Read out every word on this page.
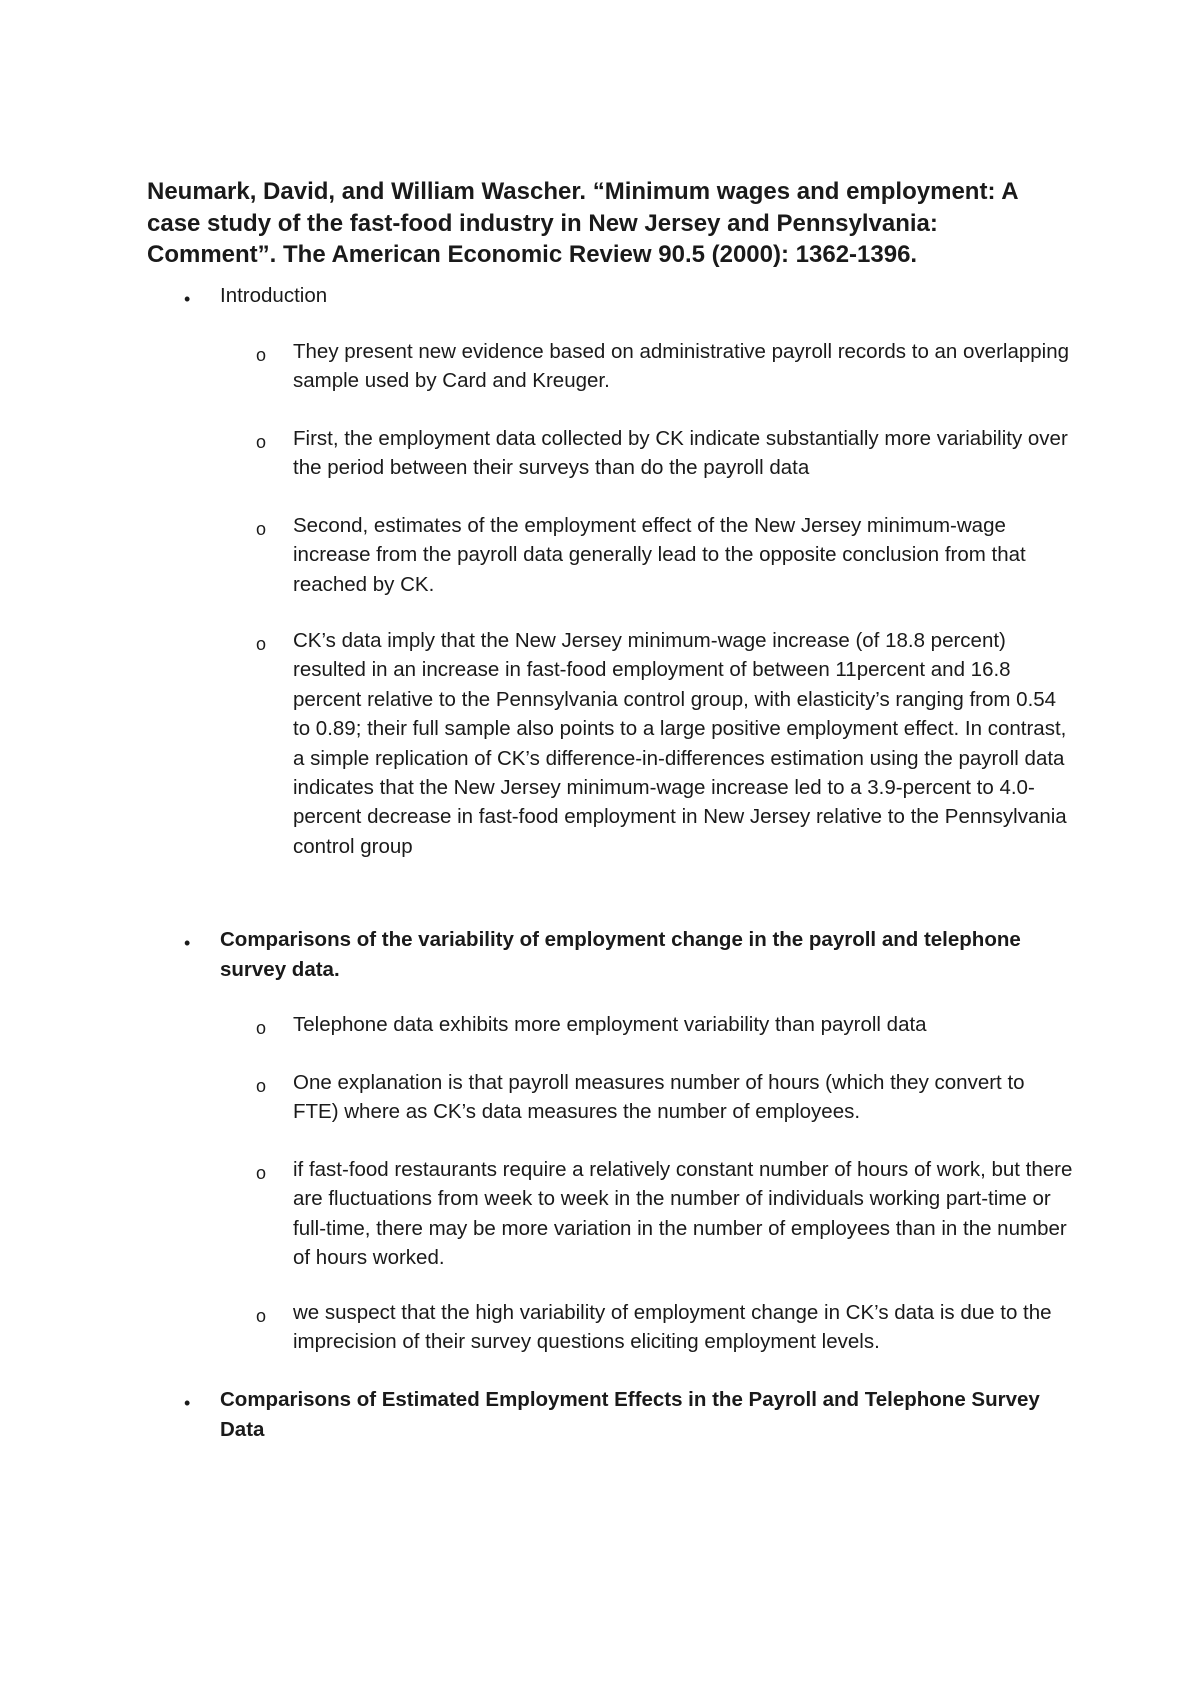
Neumark, David, and William Wascher. “Minimum wages and employment: A case study of the fast-food industry in New Jersey and Pennsylvania: Comment”. The American Economic Review 90.5 (2000): 1362-1396.

• Introduction

o They present new evidence based on administrative payroll records to an overlapping sample used by Card and Kreuger.

o First, the employment data collected by CK indicate substantially more variability over the period between their surveys than do the payroll data

o Second, estimates of the employment effect of the New Jersey minimum-wage increase from the payroll data generally lead to the opposite conclusion from that reached by CK.

o CK’s data imply that the New Jersey minimum-wage increase (of 18.8 percent) resulted in an increase in fast-food employment of between 11percent and 16.8 percent relative to the Pennsylvania control group, with elasticity’s ranging from 0.54 to 0.89; their full sample also points to a large positive employment effect. In contrast, a simple replication of CK’s difference-in-differences estimation using the payroll data indicates that the New Jersey minimum-wage increase led to a 3.9-percent to 4.0-percent decrease in fast-food employment in New Jersey relative to the Pennsylvania control group

• Comparisons of the variability of employment change in the payroll and telephone survey data.

o Telephone data exhibits more employment variability than payroll data

o One explanation is that payroll measures number of hours (which they convert to FTE) where as CK’s data measures the number of employees.

o if fast-food restaurants require a relatively constant number of hours of work, but there are fluctuations from week to week in the number of individuals working part-time or full-time, there may be more variation in the number of employees than in the number of hours worked.

o we suspect that the high variability of employment change in CK’s data is due to the imprecision of their survey questions eliciting employment levels.

• Comparisons of Estimated Employment Effects in the Payroll and Telephone Survey Data
